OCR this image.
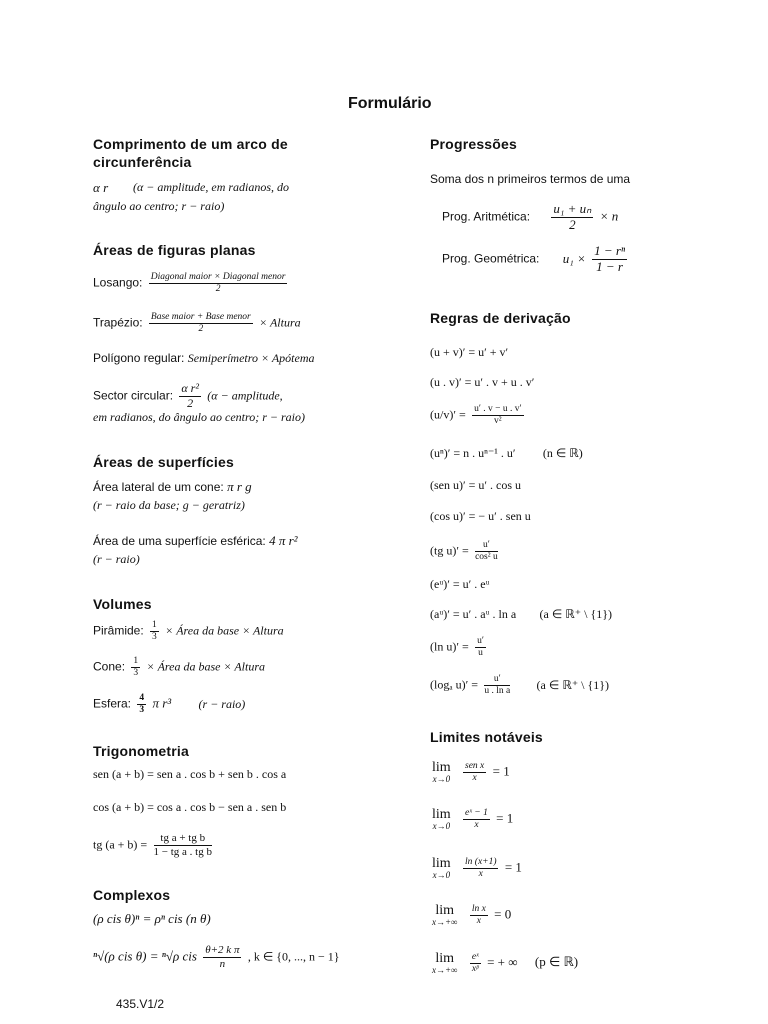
Formulário
Comprimento de um arco de
circunferência
α r (α − amplitude, em radianos, do
ângulo ao centro; r − raio)
Áreas de figuras planas
Losango: $\frac{\text{Diagonal maior × Diagonal menor}}{2}$
Trapézio: $\frac{\text{Base maior + Base menor}}{2}$ × Altura
Polígono regular: Semiperímetro × Apótema
Sector circular: $\frac{\text{α r²}}{2} (\alpha$ − amplitude,
em radianos, do ângulo ao centro; r − raio)
Áreas de superfícies
Área lateral de um cone: π r g
(r − raio da base; g − geratriz)
Área de uma superfície esférica: 4 π r²
(r − raio)
Volumes
Pirâmide: $\frac{1}{3}$ × Área da base × Altura
Cone: $\frac{1}{3}$ × Área da base × Altura
Esfera: $\frac{4}{3}$ π r³ (r − raio)
Trigonometria
sen (a + b) = sen a . cos b + sen b . cos a
cos (a + b) = cos a . cos b − sen a . sen b
tg $(a + b) = \frac{\text{tg a + tg b}}{\text{1 − tg a . tg b}}$
Complexos
(ρ cis θ)ⁿ = ρⁿ cis (n θ)
ⁿ√(ρ cis θ) = ⁿ√ρ cis $\frac{\text{θ+2 k π}}{n}$ , k ∈ {0, ..., n − 1}
Progressões
Soma dos n primeiros termos de uma
Prog. Aritmética: $\frac{\text{u₁ + uₙ}}{2} \times n$
Prog. Geométrica: $u_1 \times \frac{\text{1 − rⁿ}}{1 - r}$
Regras de derivação
(u + v)′ = u′ + v′
(u . v)′ = u′ . v + u . v′
$(u/v)' = \frac{u' . v - u . v'}{\text{v²}}$
(uⁿ)′ = n . uⁿ⁻¹ . u′ (n ∈ ℝ)
(sen u)′ = u′ . cos u
(cos u)′ = − u′ . sen u
(tg $u)' = \frac{u'}{\text{cos² u}}$
(eᵘ)′ = u′ . eᵘ
(aᵘ)′ = u′ . aᵘ . ln a (a ∈ ℝ⁺ \ {1})
(ln $u)' = \frac{u'}{u}$
(logₐ $u)' = \frac{u'}{\text{u . ln a}} (a$ ∈ ℝ⁺ \ {1})
Limites notáveis
lim
x→0
$\frac{\text{sen x}}{x} = 1$
lim
x→0
$\frac{\text{eˣ − 1}}{x} = 1$
lim
x→0
$\frac{\ln (x+1)}{x} = 1$
lim
x→+∞
$\frac{\text{ln x}}{x} = 0$
lim
x→+∞
$\frac{\text{eˣ}}{\text{xᵖ}}$ = + ∞ (p ∈ ℝ)
435.V1/2
